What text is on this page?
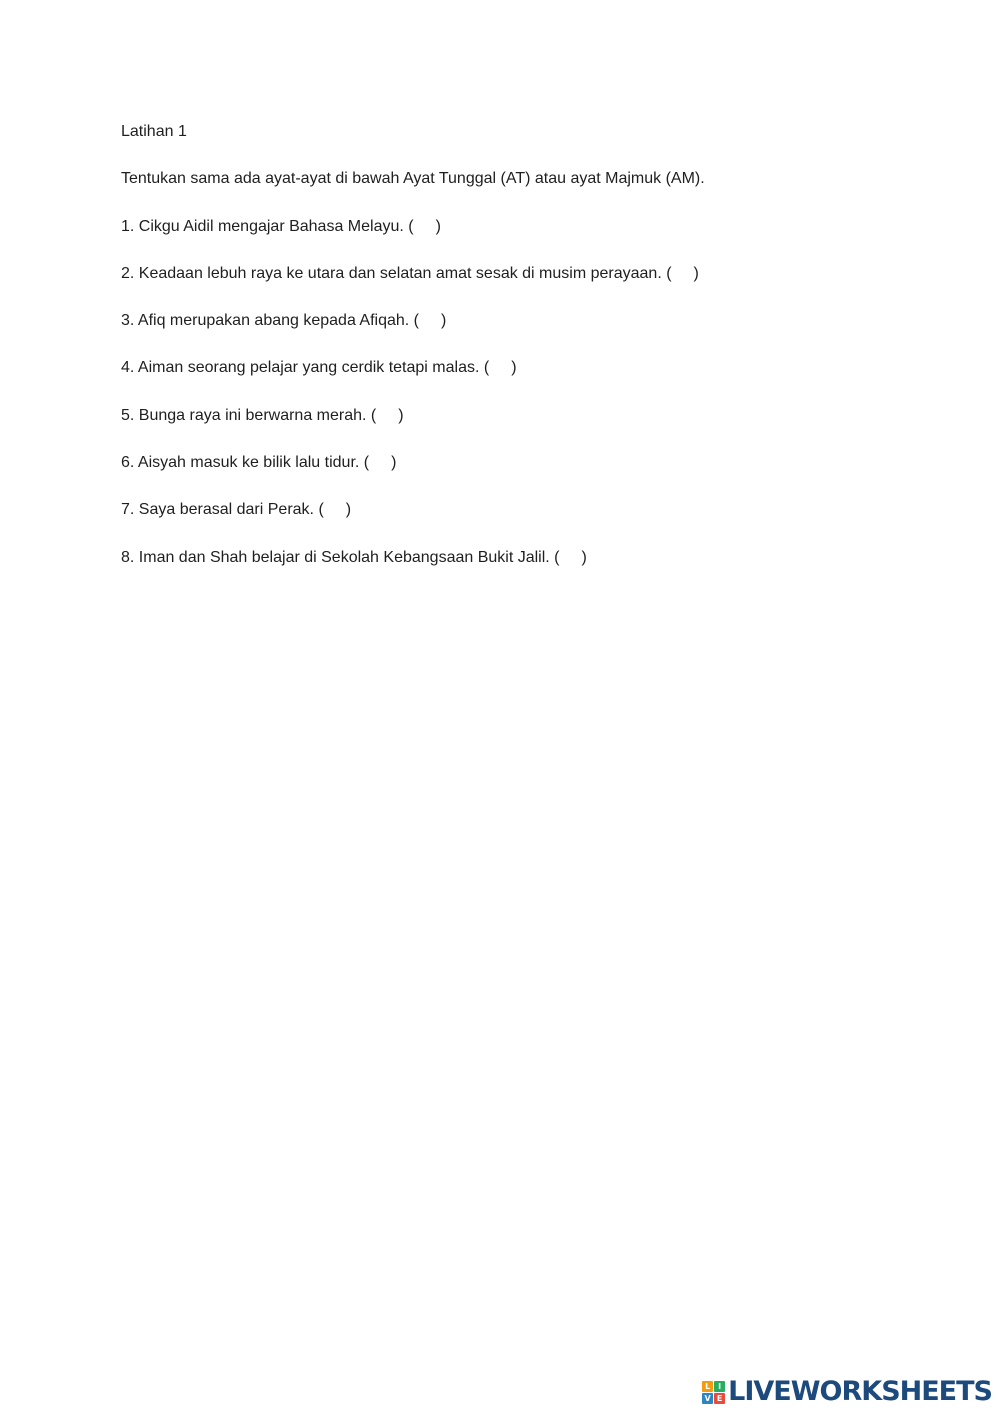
Latihan 1
Tentukan sama ada ayat-ayat di bawah Ayat Tunggal (AT) atau ayat Majmuk (AM).
1. Cikgu Aidil mengajar Bahasa Melayu. ( )
2. Keadaan lebuh raya ke utara dan selatan amat sesak di musim perayaan. ( )
3. Afiq merupakan abang kepada Afiqah. ( )
4. Aiman seorang pelajar yang cerdik tetapi malas. ( )
5. Bunga raya ini berwarna merah. ( )
6. Aisyah masuk ke bilik lalu tidur. ( )
7. Saya berasal dari Perak. ( )
8. Iman dan Shah belajar di Sekolah Kebangsaan Bukit Jalil. ( )
L I
V E LIVEWORKSHEETS
